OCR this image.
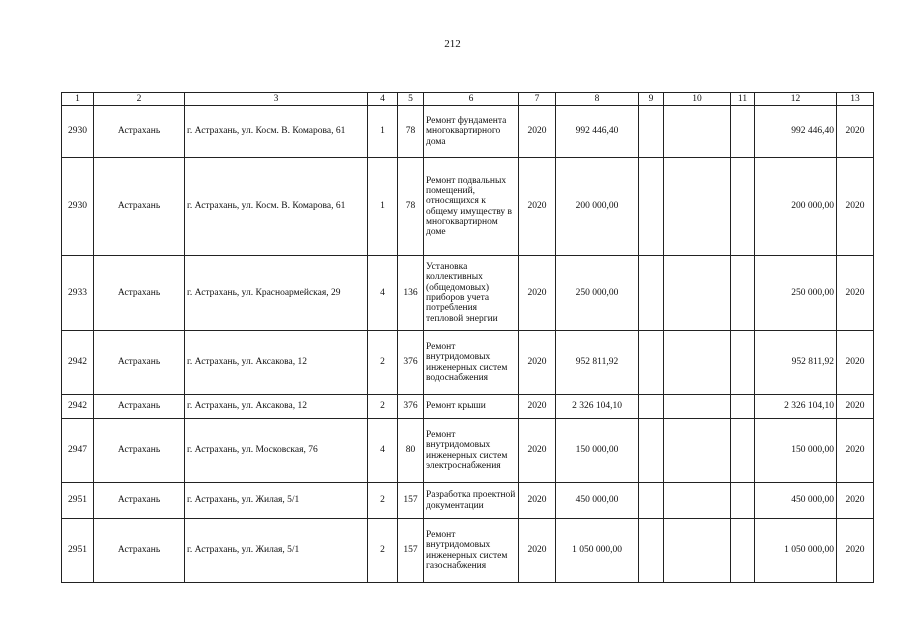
212
1	2	3	4	5	6	7	8	9	10	11	12	13
2930	Астрахань	г. Астрахань, ул. Косм. В. Комарова, 61	1	78	Ремонт фундамента многоквартирного дома	2020	992 446,40				992 446,40	2020
2930	Астрахань	г. Астрахань, ул. Косм. В. Комарова, 61	1	78	Ремонт подвальных помещений, относящихся к общему имуществу в многоквартирном доме	2020	200 000,00				200 000,00	2020
2933	Астрахань	г. Астрахань, ул. Красноармейская, 29	4	136	Установка коллективных (общедомовых) приборов учета потребления тепловой энергии	2020	250 000,00				250 000,00	2020
2942	Астрахань	г. Астрахань, ул. Аксакова, 12	2	376	Ремонт внутридомовых инженерных систем водоснабжения	2020	952 811,92				952 811,92	2020
2942	Астрахань	г. Астрахань, ул. Аксакова, 12	2	376	Ремонт крыши	2020	2 326 104,10				2 326 104,10	2020
2947	Астрахань	г. Астрахань, ул. Московская, 76	4	80	Ремонт внутридомовых инженерных систем электроснабжения	2020	150 000,00				150 000,00	2020
2951	Астрахань	г. Астрахань, ул. Жилая, 5/1	2	157	Разработка проектной документации	2020	450 000,00				450 000,00	2020
2951	Астрахань	г. Астрахань, ул. Жилая, 5/1	2	157	Ремонт внутридомовых инженерных систем газоснабжения	2020	1 050 000,00				1 050 000,00	2020
